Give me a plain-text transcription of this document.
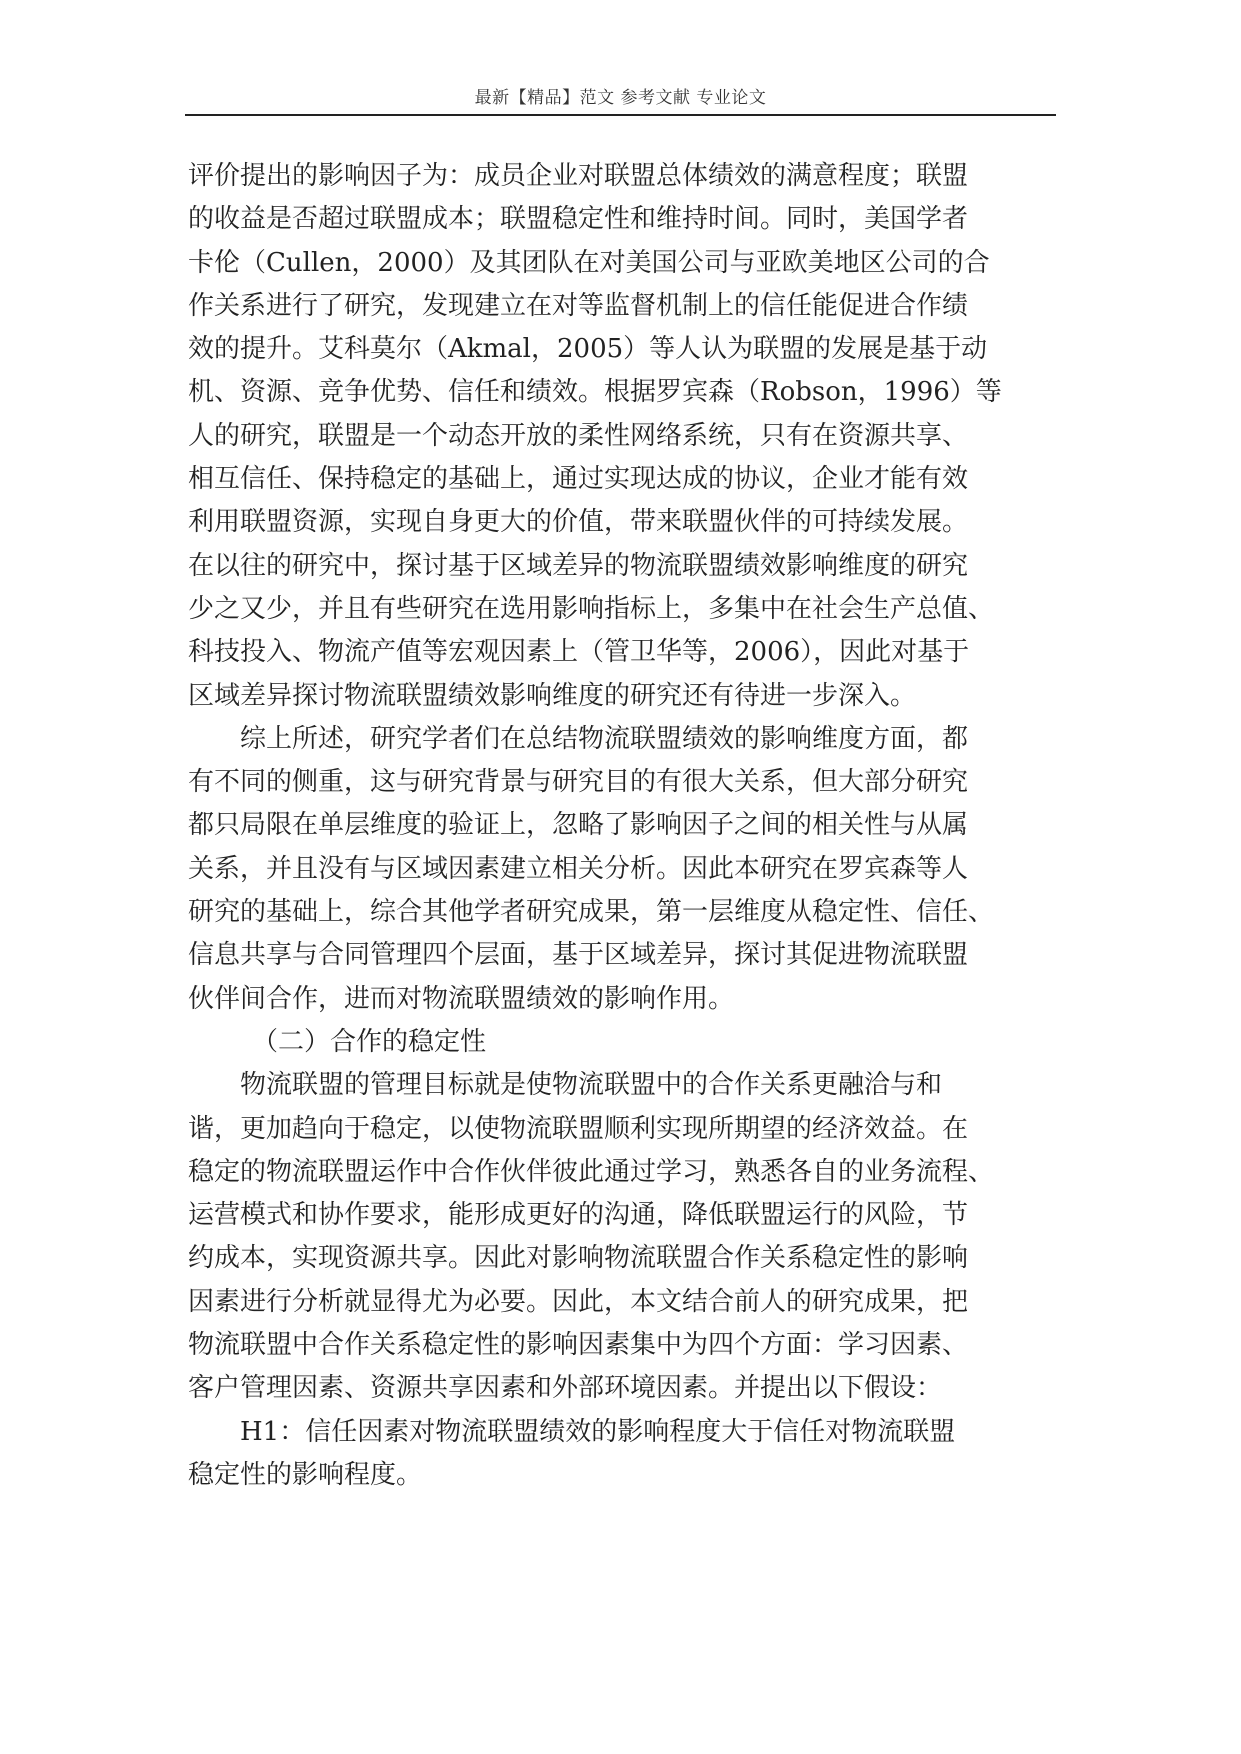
最新【精品】范文 参考文献 专业论文
评价提出的影响因子为：成员企业对联盟总体绩效的满意程度；联盟
的收益是否超过联盟成本；联盟稳定性和维持时间。同时，美国学者
卡伦（Cullen，2000）及其团队在对美国公司与亚欧美地区公司的合
作关系进行了研究，发现建立在对等监督机制上的信任能促进合作绩
效的提升。艾科莫尔（Akmal，2005）等人认为联盟的发展是基于动
机、资源、竞争优势、信任和绩效。根据罗宾森（Robson，1996）等
人的研究，联盟是一个动态开放的柔性网络系统，只有在资源共享、
相互信任、保持稳定的基础上，通过实现达成的协议，企业才能有效
利用联盟资源，实现自身更大的价值，带来联盟伙伴的可持续发展。
在以往的研究中，探讨基于区域差异的物流联盟绩效影响维度的研究
少之又少，并且有些研究在选用影响指标上，多集中在社会生产总值、
科技投入、物流产值等宏观因素上（管卫华等，2006），因此对基于
区域差异探讨物流联盟绩效影响维度的研究还有待进一步深入。
综上所述，研究学者们在总结物流联盟绩效的影响维度方面，都
有不同的侧重，这与研究背景与研究目的有很大关系，但大部分研究
都只局限在单层维度的验证上，忽略了影响因子之间的相关性与从属
关系，并且没有与区域因素建立相关分析。因此本研究在罗宾森等人
研究的基础上，综合其他学者研究成果，第一层维度从稳定性、信任、
信息共享与合同管理四个层面，基于区域差异，探讨其促进物流联盟
伙伴间合作，进而对物流联盟绩效的影响作用。
（二）合作的稳定性
物流联盟的管理目标就是使物流联盟中的合作关系更融洽与和
谐，更加趋向于稳定，以使物流联盟顺利实现所期望的经济效益。在
稳定的物流联盟运作中合作伙伴彼此通过学习，熟悉各自的业务流程、
运营模式和协作要求，能形成更好的沟通，降低联盟运行的风险，节
约成本，实现资源共享。因此对影响物流联盟合作关系稳定性的影响
因素进行分析就显得尤为必要。因此，本文结合前人的研究成果，把
物流联盟中合作关系稳定性的影响因素集中为四个方面：学习因素、
客户管理因素、资源共享因素和外部环境因素。并提出以下假设：
H1：信任因素对物流联盟绩效的影响程度大于信任对物流联盟
稳定性的影响程度。
